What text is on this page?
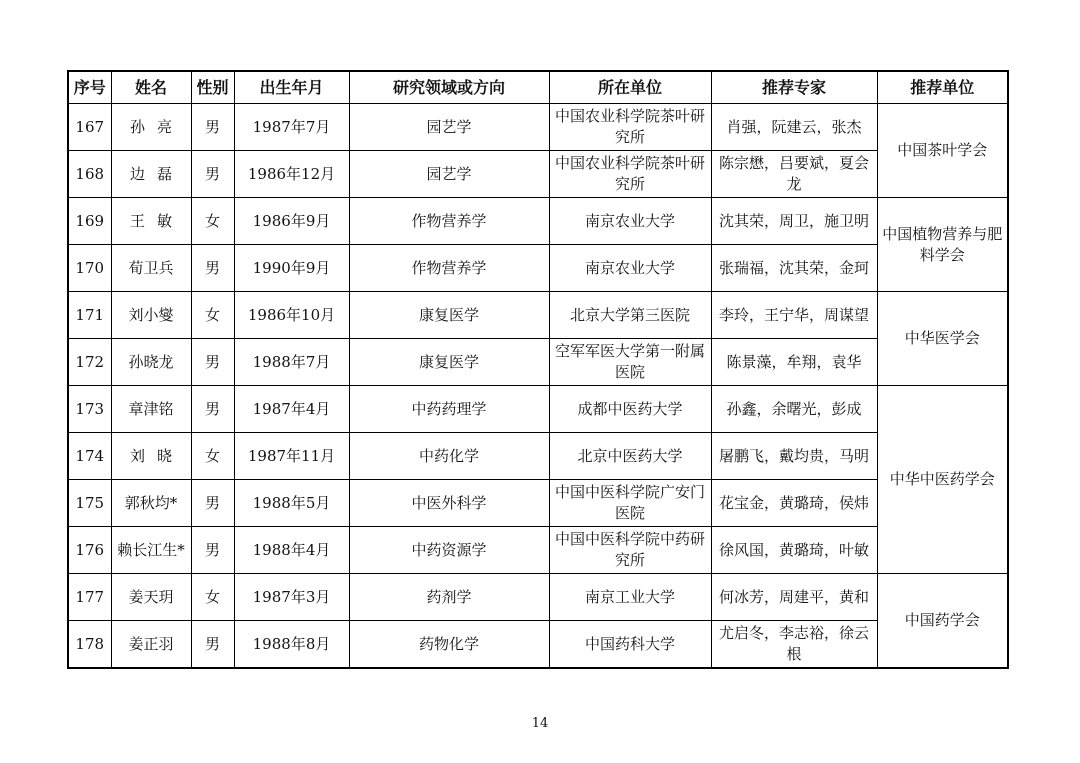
序号	姓名	性别	出生年月	研究领域或方向	所在单位	推荐专家	推荐单位
167	孙亮	男	1987年7月	园艺学	中国农业科学院茶叶研究所	肖强，阮建云，张杰	中国茶叶学会
168	边磊	男	1986年12月	园艺学	中国农业科学院茶叶研究所	陈宗懋，吕要斌，夏会龙	
169	王敏	女	1986年9月	作物营养学	南京农业大学	沈其荣，周卫，施卫明	中国植物营养与肥料学会
170	荀卫兵	男	1990年9月	作物营养学	南京农业大学	张瑞福，沈其荣，金珂	
171	刘小燮	女	1986年10月	康复医学	北京大学第三医院	李玲，王宁华，周谋望	中华医学会
172	孙晓龙	男	1988年7月	康复医学	空军军医大学第一附属医院	陈景藻，牟翔，袁华	
173	章津铭	男	1987年4月	中药药理学	成都中医药大学	孙鑫，余曙光，彭成	中华中医药学会
174	刘晓	女	1987年11月	中药化学	北京中医药大学	屠鹏飞，戴均贵，马明	
175	郭秋均*	男	1988年5月	中医外科学	中国中医科学院广安门医院	花宝金，黄璐琦，侯炜	
176	赖长江生*	男	1988年4月	中药资源学	中国中医科学院中药研究所	徐风国，黄璐琦，叶敏	
177	姜天玥	女	1987年3月	药剂学	南京工业大学	何冰芳，周建平，黄和	中国药学会
178	姜正羽	男	1988年8月	药物化学	中国药科大学	尤启冬，李志裕，徐云根	
14
